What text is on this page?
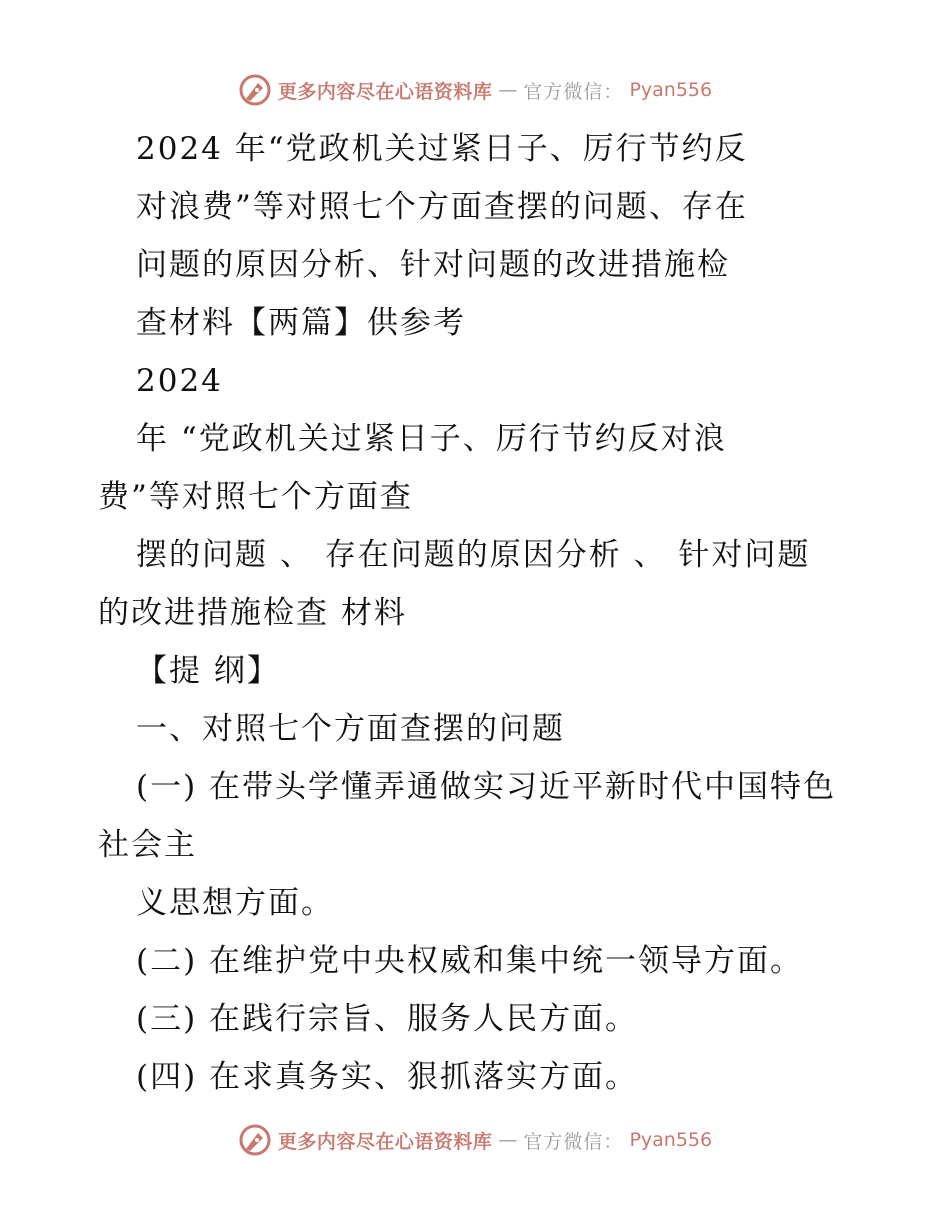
更多内容尽在心语资料库 — 官方微信： Pyan556
2024 年“党政机关过紧日子、厉行节约反
对浪费”等对照七个方面查摆的问题、存在
问题的原因分析、针对问题的改进措施检
查材料【两篇】供参考
2024
年 “党政机关过紧日子、厉行节约反对浪
费”等对照七个方面查
摆的问题 、 存在问题的原因分析 、 针对问题
的改进措施检查 材料
【提 纲】
一、对照七个方面查摆的问题
(一) 在带头学懂弄通做实习近平新时代中国特色
社会主
义思想方面。
(二) 在维护党中央权威和集中统一领导方面。
(三) 在践行宗旨、服务人民方面。
(四) 在求真务实、狠抓落实方面。
更多内容尽在心语资料库 — 官方微信： Pyan556
